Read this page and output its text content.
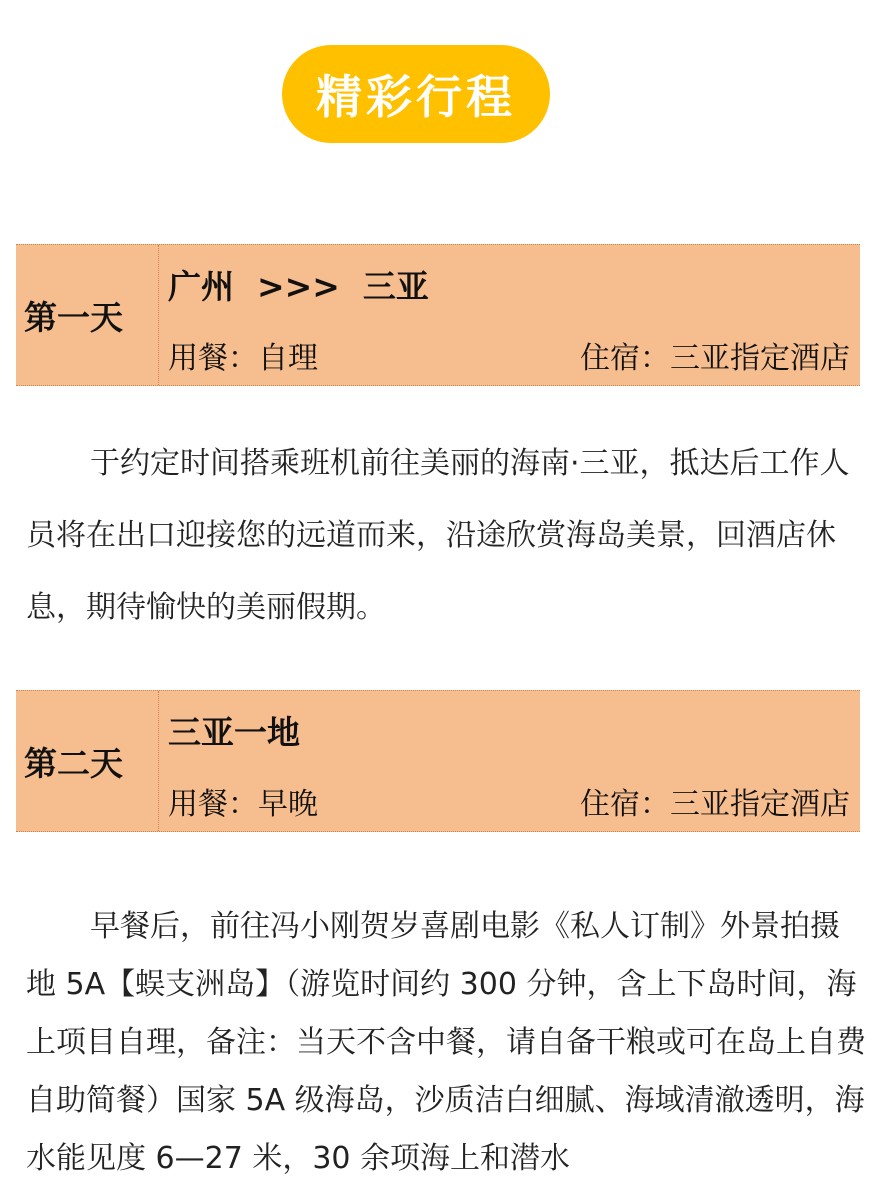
精彩行程
第一天
广州  >>>  三亚
用餐：自理	住宿：三亚指定酒店

于约定时间搭乘班机前往美丽的海南·三亚，抵达后工作人员将在出口迎接您的远道而来，沿途欣赏海岛美景，回酒店休息，期待愉快的美丽假期。

第二天
三亚一地
用餐：早晚	住宿：三亚指定酒店

早餐后，前往冯小刚贺岁喜剧电影《私人订制》外景拍摄地 5A【蜈支洲岛】（游览时间约 300 分钟，含上下岛时间，海上项目自理，备注：当天不含中餐，请自备干粮或可在岛上自费自助简餐）国家 5A 级海岛，沙质洁白细腻、海域清澈透明，海水能见度 6—27 米，30 余项海上和潜水
